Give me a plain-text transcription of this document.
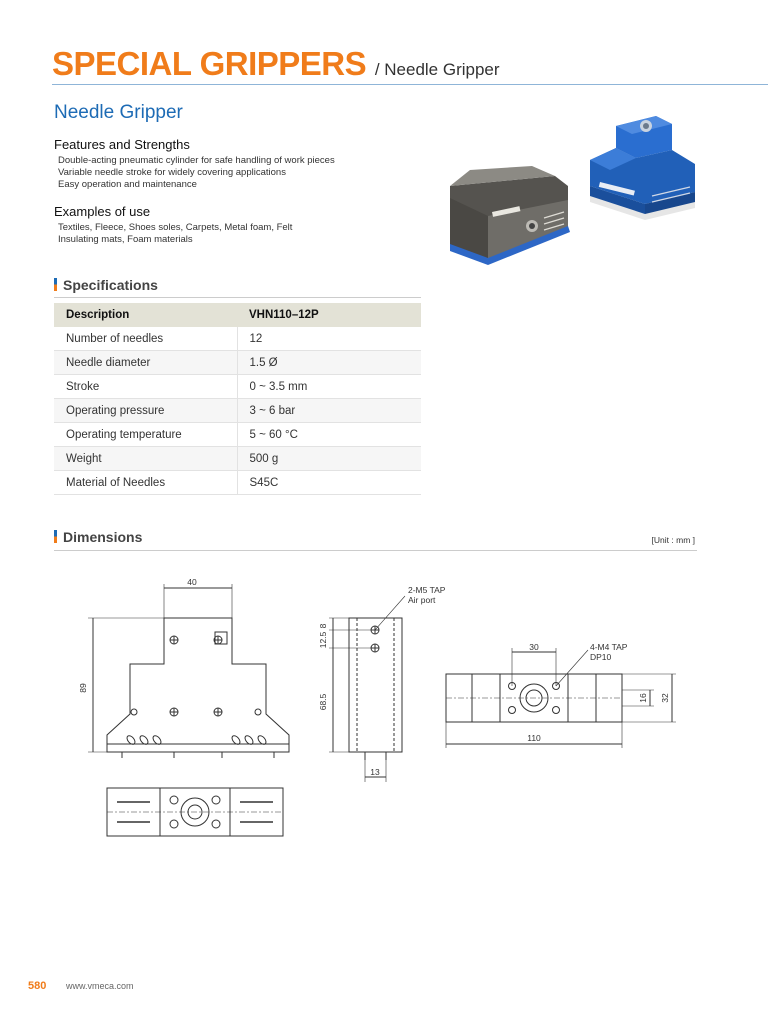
SPECIAL GRIPPERS / Needle Gripper
Needle Gripper
Features and Strengths
Double-acting pneumatic cylinder for safe handling of work pieces
Variable needle stroke for widely covering applications
Easy operation and maintenance
Examples of use
Textiles, Fleece, Shoes soles, Carpets, Metal foam, Felt
Insulating mats, Foam materials
Specifications
Description	VHN110–12P
Number of needles	12
Needle diameter	1.5 Ø
Stroke	0 ~ 3.5 mm
Operating pressure	3 ~ 6 bar
Operating temperature	5 ~ 60 °C
Weight	500 g
Material of Needles	S45C
Dimensions	[Unit : mm ]
40
89
2-M5 TAP
Air port
8
12.5
68.5
13
30	4-M4 TAP
DP10
16 32
110
580 www.vmeca.com
